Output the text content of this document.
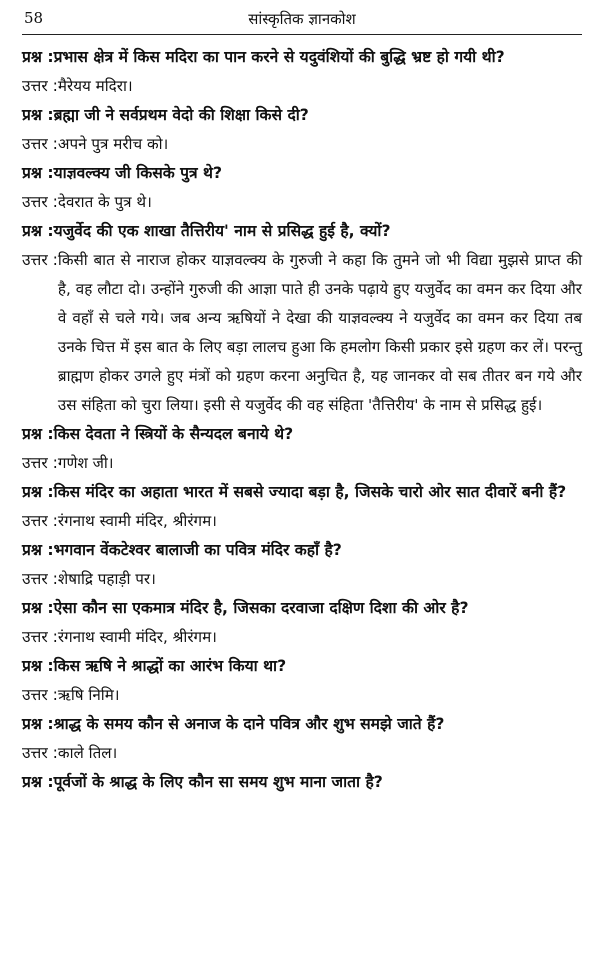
58	सांस्कृतिक ज्ञानकोश
प्रश्न : प्रभास क्षेत्र में किस मदिरा का पान करने से यदुवंशियों की बुद्धि भ्रष्ट हो गयी थी?
उत्तर : मैरेयय मदिरा।
प्रश्न : ब्रह्मा जी ने सर्वप्रथम वेदो की शिक्षा किसे दी?
उत्तर : अपने पुत्र मरीच को।
प्रश्न : याज्ञवल्क्य जी किसके पुत्र थे?
उत्तर : देवरात के पुत्र थे।
प्रश्न : यजुर्वेद की एक शाखा तैत्तिरीय' नाम से प्रसिद्ध हुई है, क्यों?
उत्तर : किसी बात से नाराज होकर याज्ञवल्क्य के गुरुजी ने कहा कि तुमने जो भी विद्या मुझसे प्राप्त की है, वह लौटा दो। उन्होंने गुरुजी की आज्ञा पाते ही उनके पढ़ाये हुए यजुर्वेद का वमन कर दिया और वे वहाँ से चले गये। जब अन्य ऋषियों ने देखा की याज्ञवल्क्य ने यजुर्वेद का वमन कर दिया तब उनके चित्त में इस बात के लिए बड़ा लालच हुआ कि हमलोग किसी प्रकार इसे ग्रहण कर लें। परन्तु ब्राह्मण होकर उगले हुए मंत्रों को ग्रहण करना अनुचित है, यह जानकर वो सब तीतर बन गये और उस संहिता को चुरा लिया। इसी से यजुर्वेद की वह संहिता 'तैत्तिरीय' के नाम से प्रसिद्ध हुई।
प्रश्न : किस देवता ने स्त्रियों के सैन्यदल बनाये थे?
उत्तर : गणेश जी।
प्रश्न : किस मंदिर का अहाता भारत में सबसे ज्यादा बड़ा है, जिसके चारो ओर सात दीवारें बनी हैं?
उत्तर : रंगनाथ स्वामी मंदिर, श्रीरंगम।
प्रश्न : भगवान वेंकटेश्वर बालाजी का पवित्र मंदिर कहाँ है?
उत्तर : शेषाद्रि पहाड़ी पर।
प्रश्न : ऐसा कौन सा एकमात्र मंदिर है, जिसका दरवाजा दक्षिण दिशा की ओर है?
उत्तर : रंगनाथ स्वामी मंदिर, श्रीरंगम।
प्रश्न : किस ऋषि ने श्राद्धों का आरंभ किया था?
उत्तर : ऋषि निमि।
प्रश्न : श्राद्ध के समय कौन से अनाज के दाने पवित्र और शुभ समझे जाते हैं?
उत्तर : काले तिल।
प्रश्न : पूर्वजों के श्राद्ध के लिए कौन सा समय शुभ माना जाता है?
